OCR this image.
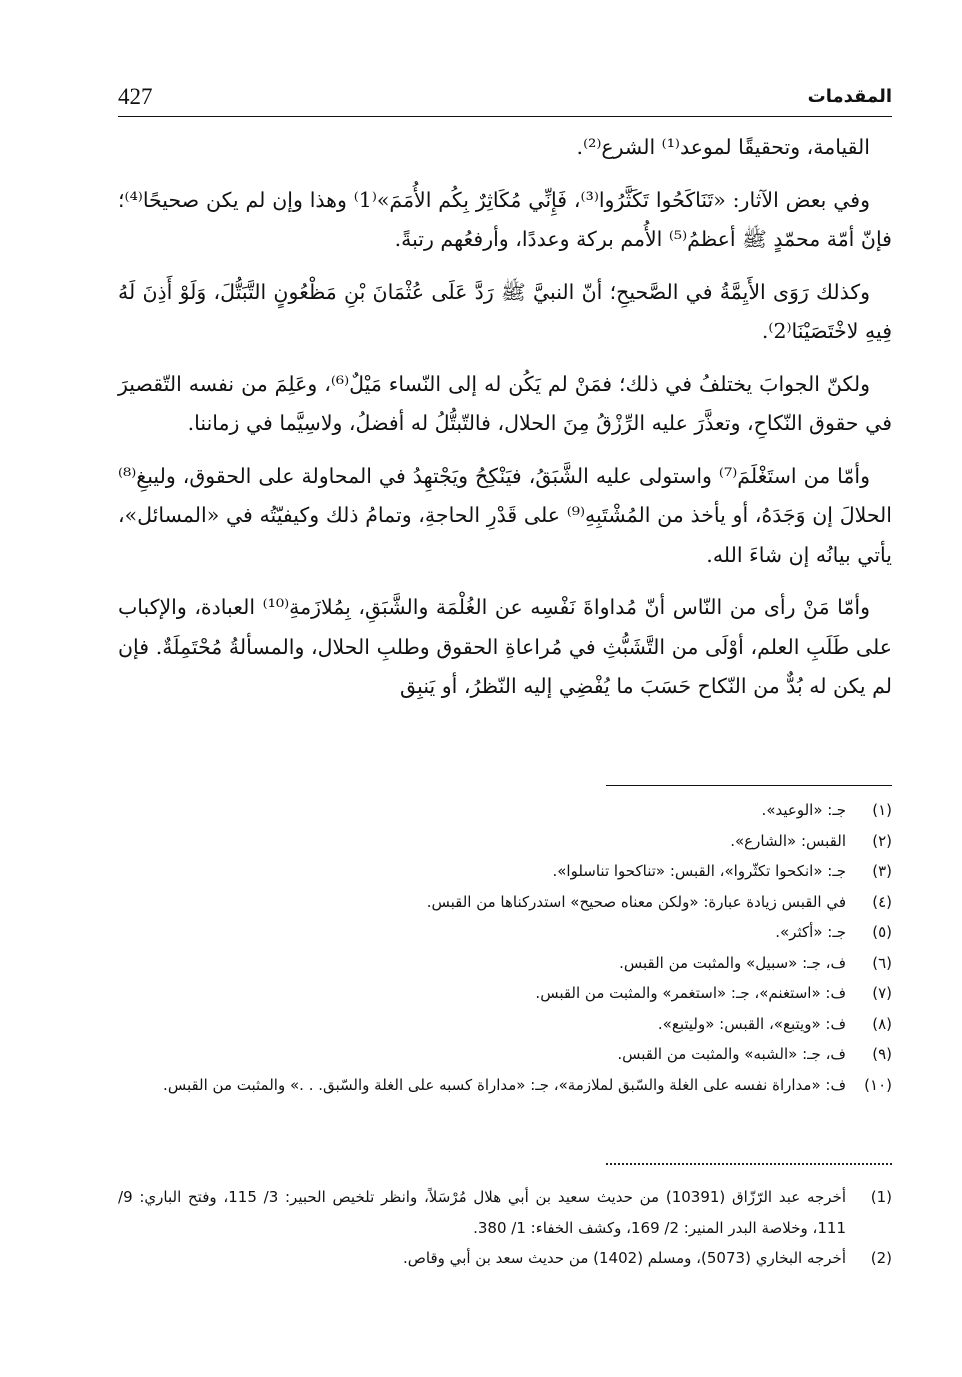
427	المقدمات

القيامة، وتحقيقًا لموعد⁽¹⁾ الشرع⁽²⁾.

وفي بعض الآثار: «تَنَاكَحُوا تَكَثَّرُوا⁽³⁾، فَإِنِّي مُكَاثِرٌ بِكُم الأُمَمَ»⁽1⁾ وهذا وإن لم يكن صحيحًا⁽⁴⁾؛ فإنّ أمّة محمّدٍ ﷺ أعظمُ⁽⁵⁾ الأُمم بركة وعددًا، وأرفعُهم رتبةً.

وكذلك رَوَى الأَيِمَّةُ في الصَّحيحِ؛ أنّ النبيَّ ﷺ رَدَّ عَلَى عُثْمَانَ بْنِ مَظْعُونٍ التَّبَتُّلَ، وَلَوْ أَذِنَ لَهُ فِيهِ لاخْتَصَيْنَا⁽2⁾.

ولكنّ الجوابَ يختلفُ في ذلك؛ فمَنْ لم يَكُن له إلى النّساء مَيْلٌ⁽⁶⁾، وعَلِمَ من نفسه التّقصيرَ في حقوق النّكاحِ، وتعذَّرَ عليه الرِّزْقُ مِنَ الحلال، فالتّبتُّلُ له أفضلُ، ولاسِيَّما في زماننا.

وأمّا من استَغْلَمَ⁽⁷⁾ واستولى عليه الشَّبَقُ، فيَنْكِحُ ويَجْتهِدُ في المحاولة على الحقوق، وليبغِ⁽⁸⁾ الحلالَ إن وَجَدَهُ، أو يأخذ من المُشْتَبِهِ⁽⁹⁾ على قَدْرِ الحاجةِ، وتمامُ ذلك وكيفيّتُه في «المسائل»، يأتي بيانُه إن شاءَ الله.

وأمّا مَنْ رأى من النّاس أنّ مُداواةَ نَفْسِه عن الغُلْمَة والشَّبَقِ، بِمُلازَمةِ⁽¹⁰⁾ العبادة، والإكباب على طَلَبِ العلم، أوْلَى من التَّشَبُّثِ في مُراعاةِ الحقوق وطلبِ الحلال، والمسألةُ مُحْتَمِلَةٌ. فإن لم يكن له بُدٌّ من النّكاح حَسَبَ ما يُفْضِي إليه النّظرُ، أو يَنبِق

(١)
جـ: «الوعيد».
(٢)
القبس: «الشارع».
(٣)
جـ: «انكحوا تكثّروا»، القبس: «تناكحوا تناسلوا».
(٤)
في القبس زيادة عبارة: «ولكن معناه صحيح» استدركناها من القبس.
(٥)
جـ: «أكثر».
(٦)
ف، جـ: «سبيل» والمثبت من القبس.
(٧)
ف: «استغنم»، جـ: «استغمر» والمثبت من القبس.
(٨)
ف: «ويتبع»، القبس: «وليتبع».
(٩)
ف، جـ: «الشبه» والمثبت من القبس.
(١٠)
ف: «مداراة نفسه على الغلة والسّبق لملازمة»، جـ: «مداراة كسبه على الغلة والسّبق. . .» والمثبت من القبس.
(1)
أخرجه عبد الرّزّاق (10391) من حديث سعيد بن أبي هلال مُرْسَلاً، وانظر تلخيص الحبير: 3/ 115، وفتح الباري: 9/ 111، وخلاصة البدر المنير: 2/ 169، وكشف الخفاء: 1/ 380.
(2)
أخرجه البخاري (5073)، ومسلم (1402) من حديث سعد بن أبي وقاص.
